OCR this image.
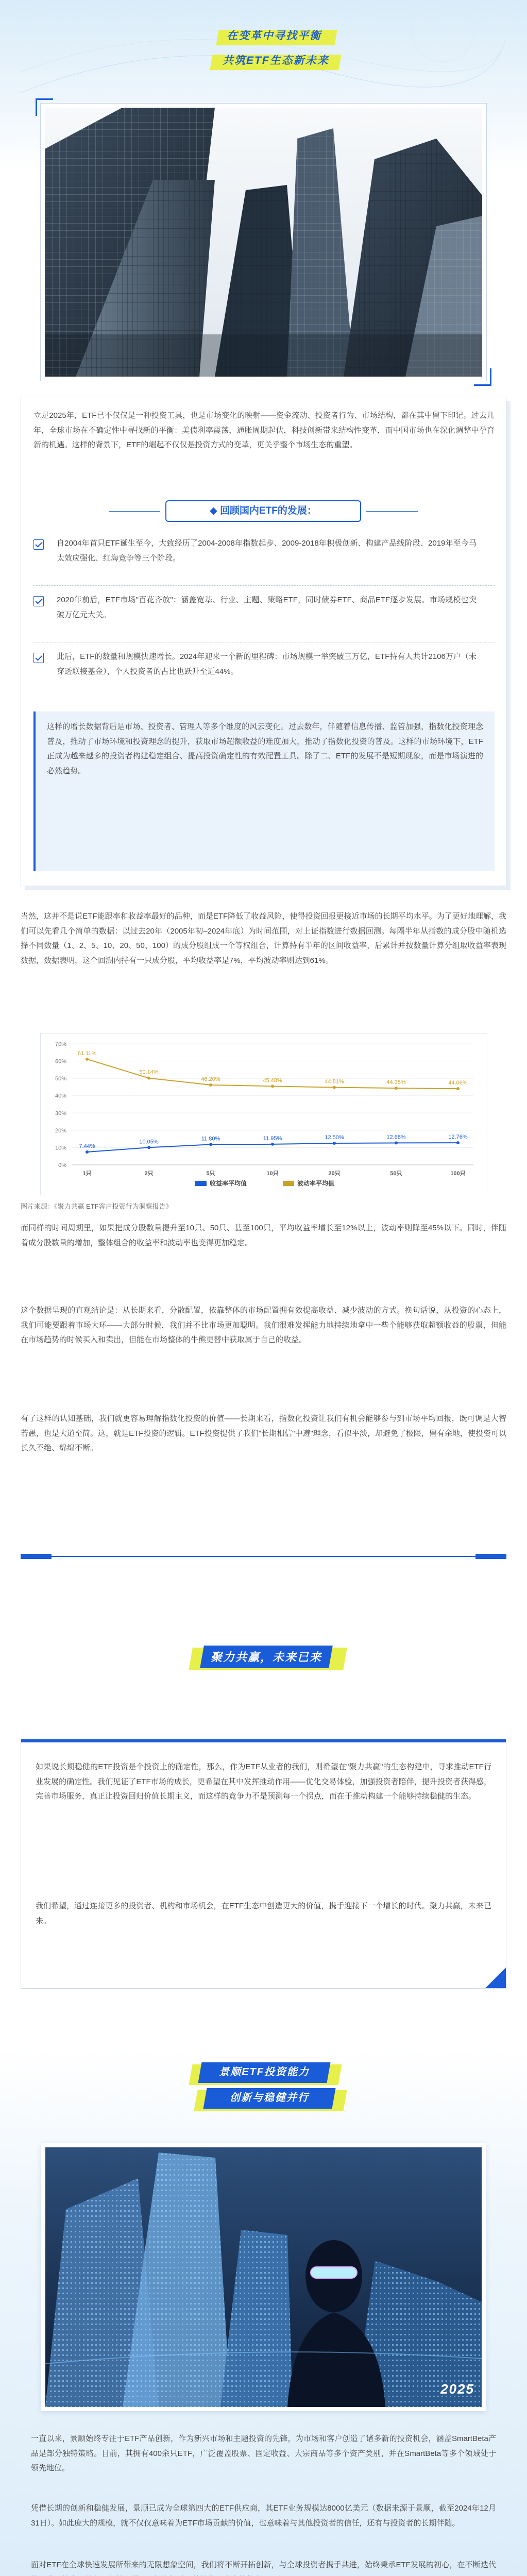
在变革中寻找平衡
共筑ETF生态新未来
立足2025年，ETF已不仅仅是一种投资工具，也是市场变化的映射——资金流动、投资者行为、市场结构，都在其中留下印记。过去几年，全球市场在不确定性中寻找新的平衡：美债利率震荡，通胀周期起伏，科技创新带来结构性变革，而中国市场也在深化调整中孕育新的机遇。这样的背景下，ETF的崛起不仅仅是投资方式的变革，更关乎整个市场生态的重塑。
◆ 回顾国内ETF的发展：
自2004年首只ETF诞生至今，大致经历了2004-2008年指数起步、2009-2018年积极创新、构建产品线阶段、2019年至今马太效应强化、红海竞争等三个阶段。
2020年前后，ETF市场"百花齐放"：涵盖宽基、行业、主题、策略ETF，同时债券ETF、商品ETF逐步发展。市场规模也突破万亿元大关。
此后，ETF的数量和规模快速增长。2024年迎来一个新的里程碑：市场规模一举突破三万亿，ETF持有人共计2106万户（未穿透联接基金），个人投资者的占比也跃升至近44%。
这样的增长数据背后是市场、投资者、管理人等多个维度的风云变化。过去数年，伴随着信息传播、监管加强，指数化投资理念普及，推动了市场环境和投资理念的提升，获取市场超额收益的难度加大，推动了指数化投资的普及。这样的市场环境下，ETF正成为越来越多的投资者构建稳定组合、提高投资确定性的有效配置工具。除了二、ETF的发展不是短期现象，而是市场演进的必然趋势。
当然，这并不是说ETF能跟率和收益率最好的品种，而是ETF降低了收益风险，使得投资回报更接近市场的长期平均水平。为了更好地理解，我们可以先看几个简单的数据：以过去20年（2005年初–2024年底）为时间范围，对上证指数进行数据回测。每隔半年从指数的成分股中随机选择不同数量（1、2、5、10、20、50、100）的成分股组成一个等权组合，计算持有半年的区间收益率，后累计并按数量计算分组取收益率表现数据，数据表明，这个回溯内持有一只成分股，平均收益率是7%，平均波动率则达到61%。
0%
10%
20%
30%
40%
50%
60%
70%
1只	2只	5只	10只	20只	50只	100只
7.44%
10.05%	11.80%	11.95%	12.50%	12.68%	12.76%
61.11%
50.14%
46.20%	45.48%	44.81%	44.35%	44.06%
收益率平均值	波动率平均值
图片来源：《聚力共赢 ETF客户投资行为洞察报告》
而同样的时间周期里，如果把成分股数量提升至10只、50只、甚至100只，平均收益率增长至12%以上，波动率则降至45%以下。同时，伴随着成分股数量的增加，整体组合的收益率和波动率也变得更加稳定。
这个数据呈现的直观结论是：从长期来看，分散配置，依靠整体的市场配置拥有效提高收益、减少波动的方式。换句话说，从投资的心态上，我们可能要跟着市场大环——大部分时候，我们并不比市场更加聪明。我们很难发挥能力地持续地拿中一些个能够获取超额收益的股票，但能在市场趋势的时候买入和卖出，但能在市场整体的牛熊更替中获取属于自己的收益。
有了这样的认知基础，我们就更容易理解指数化投资的价值——长期来看，指数化投资让我们有机会能够参与到市场平均回报，既可调是大智若愚，也是大道至简。这，就是ETF投资的逻辑。ETF投资提供了我们"长期相信"中遵"理念，看似平淡，却避免了极限，留有余地，使投资可以长久不绝、绵绵不断。
聚力共赢，未来已来
如果说长期稳健的ETF投资是个投资上的确定性，那么，作为ETF从业者的我们，则希望在"聚力共赢"的生态构建中，寻求推动ETF行业发展的确定性。我们见证了ETF市场的成长，更希望在其中发挥推动作用——优化交易体验，加强投资者陪伴，提升投资者获得感，完善市场服务，真正让投资回归价值长期主义，而这样的竞争力不是预测每一个拐点，而在于推动构建一个能够持续稳健的生态。
我们希望，通过连接更多的投资者、机构和市场机会，在ETF生态中创造更大的价值，携手迎接下一个增长的时代。聚力共赢，未来已来。
景顺ETF投资能力
创新与稳健并行
2025
一直以来，景顺始终专注于ETF产品创新，作为新兴市场和主题投资的先锋，为市场和客户创造了诸多新的投资机会，涵盖SmartBeta产品是部分独特策略。目前，其拥有400余只ETF，广泛覆盖股票、固定收益、大宗商品等多个资产类别，并在SmartBeta等多个领域处于领先地位。
凭借长期的创新和稳健发展，景顺已成为全球第四大的ETF供应商，其ETF业务规模达8000亿美元（数据来源于景顺，截至2024年12月31日）。如此庞大的规模，就不仅仅意味着为ETF市场贡献的价值，也意味着与其他投资者的信任，还有与投资者的长期伴随。
面对ETF在全球快速发展所带来的无限想象空间，我们将不断开拓创新，与全球投资者携手共进，始终秉承ETF发展的初心，在不断迭代
